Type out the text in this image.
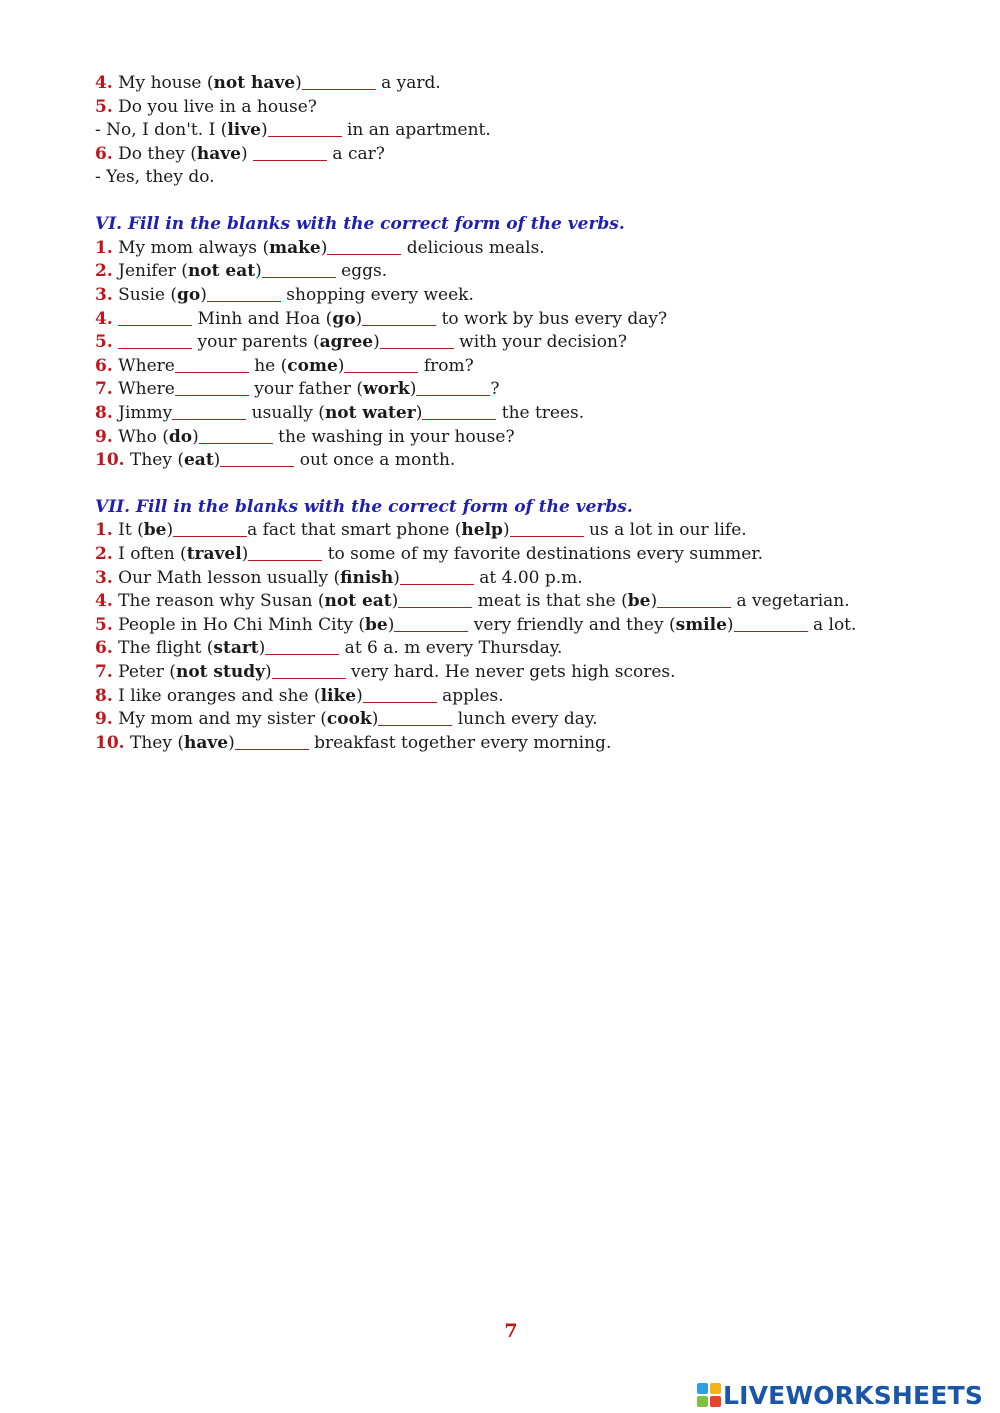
4. My house (not have)	a yard.
5. Do you live in a house?
- No, I don't. I (live)	in an apartment.
6. Do they (have)	a car?
- Yes, they do.
VI. Fill in the blanks with the correct form of the verbs.
1. My mom always (make)	delicious meals.
2. Jenifer (not eat)	eggs.
3. Susie (go)	shopping every week.
4.	Minh and Hoa (go)	to work by bus every day?
5.	your parents (agree)	with your decision?
6. Where	he (come)	from?
7. Where	your father (work)	?
8. Jimmy	usually (not water)	the trees.
9. Who (do)	the washing in your house?
10. They (eat)	out once a month.
VII. Fill in the blanks with the correct form of the verbs.
1. It (be)	a fact that smart phone (help)	us a lot in our life.
2. I often (travel)	to some of my favorite destinations every summer.
3. Our Math lesson usually (finish)	at 4.00 p.m.
4. The reason why Susan (not eat)	meat is that she (be)	a vegetarian.
5. People in Ho Chi Minh City (be)	very friendly and they (smile)	a lot.
6. The flight (start)	at 6 a. m every Thursday.
7. Peter (not study)	very hard. He never gets high scores.
8. I like oranges and she (like)	apples.
9. My mom and my sister (cook)	lunch every day.
10. They (have)	breakfast together every morning.
7
LIVEWORKSHEETS
